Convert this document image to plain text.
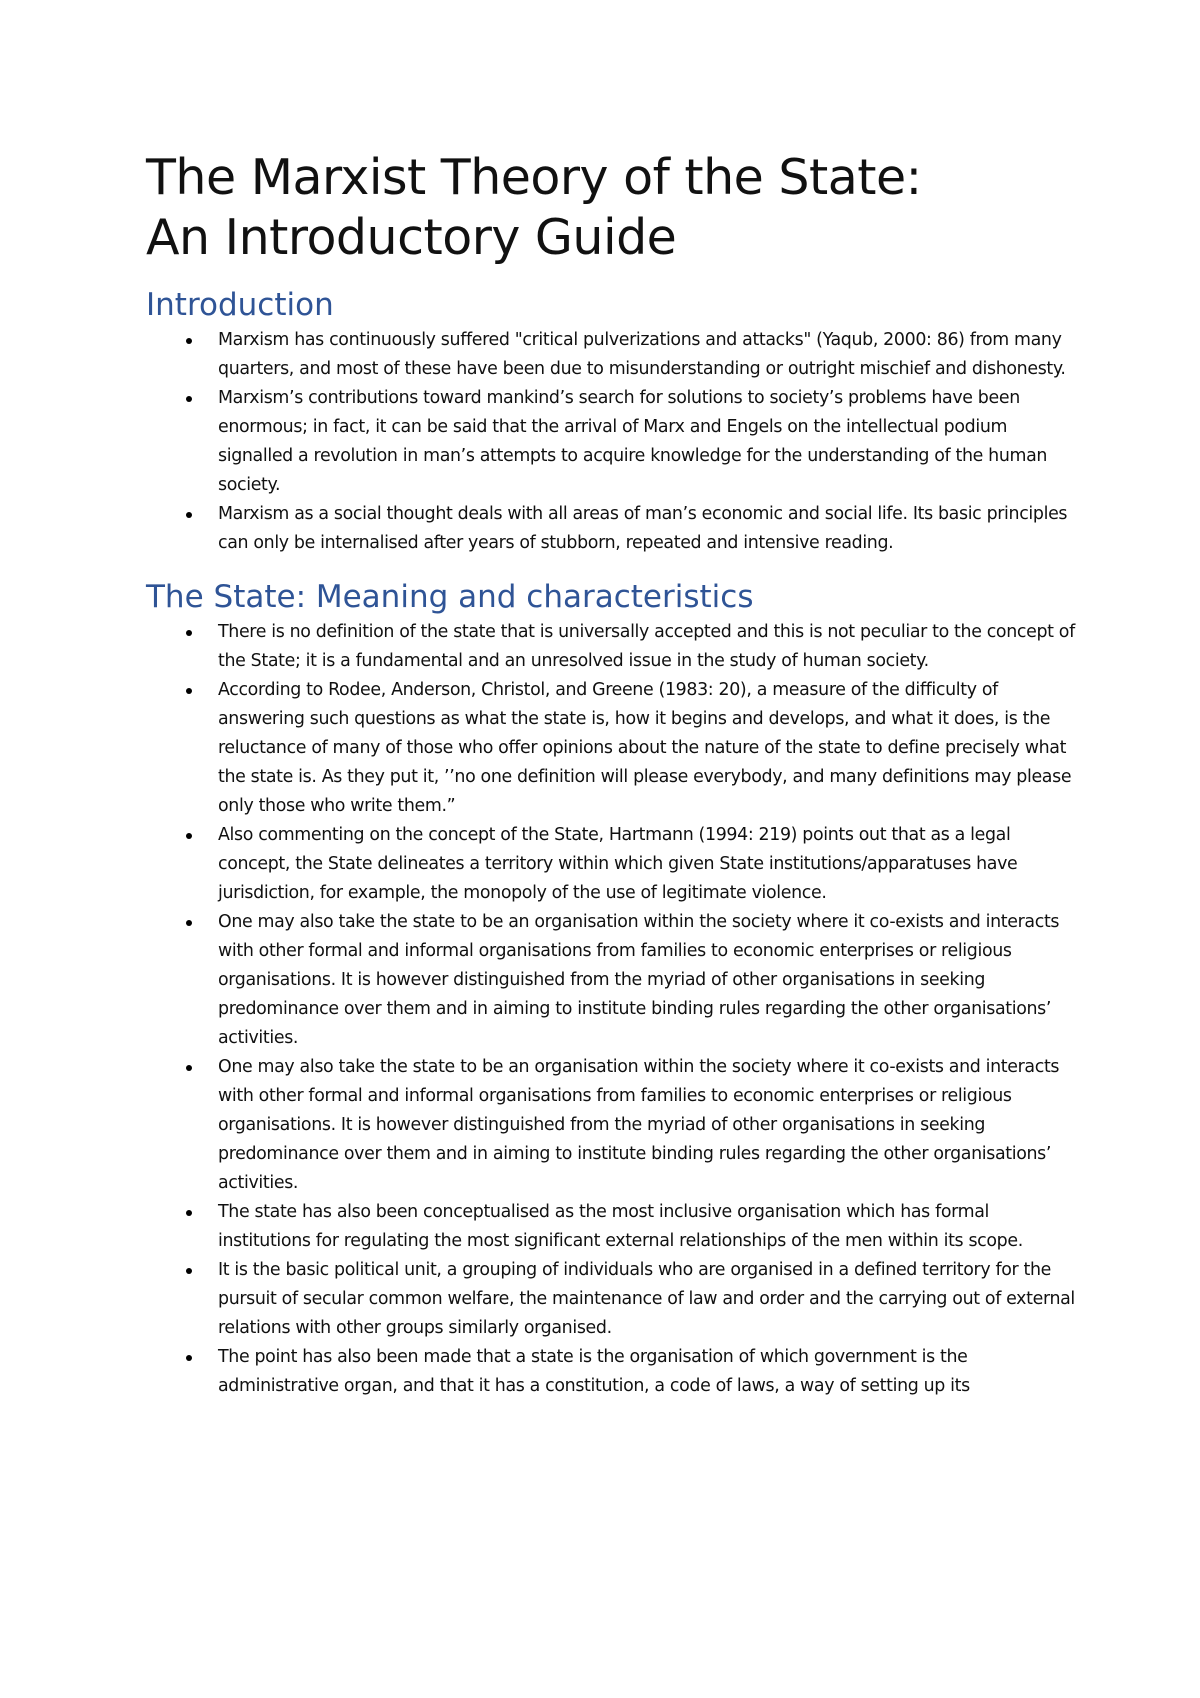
The Marxist Theory of the State:
An Introductory Guide
Introduction
Marxism has continuously suffered "critical pulverizations and attacks" (Yaqub, 2000: 86) from many quarters, and most of these have been due to misunderstanding or outright mischief and dishonesty.
Marxism’s contributions toward mankind’s search for solutions to society’s problems have been enormous; in fact, it can be said that the arrival of Marx and Engels on the intellectual podium signalled a revolution in man’s attempts to acquire knowledge for the understanding of the human society.
Marxism as a social thought deals with all areas of man’s economic and social life. Its basic principles can only be internalised after years of stubborn, repeated and intensive reading.
The State: Meaning and characteristics
There is no definition of the state that is universally accepted and this is not peculiar to the concept of the State; it is a fundamental and an unresolved issue in the study of human society.
According to Rodee, Anderson, Christol, and Greene (1983: 20), a measure of the difficulty of answering such questions as what the state is, how it begins and develops, and what it does, is the reluctance of many of those who offer opinions about the nature of the state to define precisely what the state is. As they put it, ’’no one definition will please everybody, and many definitions may please only those who write them.”
Also commenting on the concept of the State, Hartmann (1994: 219) points out that as a legal concept, the State delineates a territory within which given State institutions/apparatuses have jurisdiction, for example, the monopoly of the use of legitimate violence.
One may also take the state to be an organisation within the society where it co-exists and interacts with other formal and informal organisations from families to economic enterprises or religious organisations. It is however distinguished from the myriad of other organisations in seeking predominance over them and in aiming to institute binding rules regarding the other organisations’ activities.
One may also take the state to be an organisation within the society where it co-exists and interacts with other formal and informal organisations from families to economic enterprises or religious organisations. It is however distinguished from the myriad of other organisations in seeking predominance over them and in aiming to institute binding rules regarding the other organisations’ activities.
The state has also been conceptualised as the most inclusive organisation which has formal institutions for regulating the most significant external relationships of the men within its scope.
It is the basic political unit, a grouping of individuals who are organised in a defined territory for the pursuit of secular common welfare, the maintenance of law and order and the carrying out of external relations with other groups similarly organised.
The point has also been made that a state is the organisation of which government is the administrative organ, and that it has a constitution, a code of laws, a way of setting up its
